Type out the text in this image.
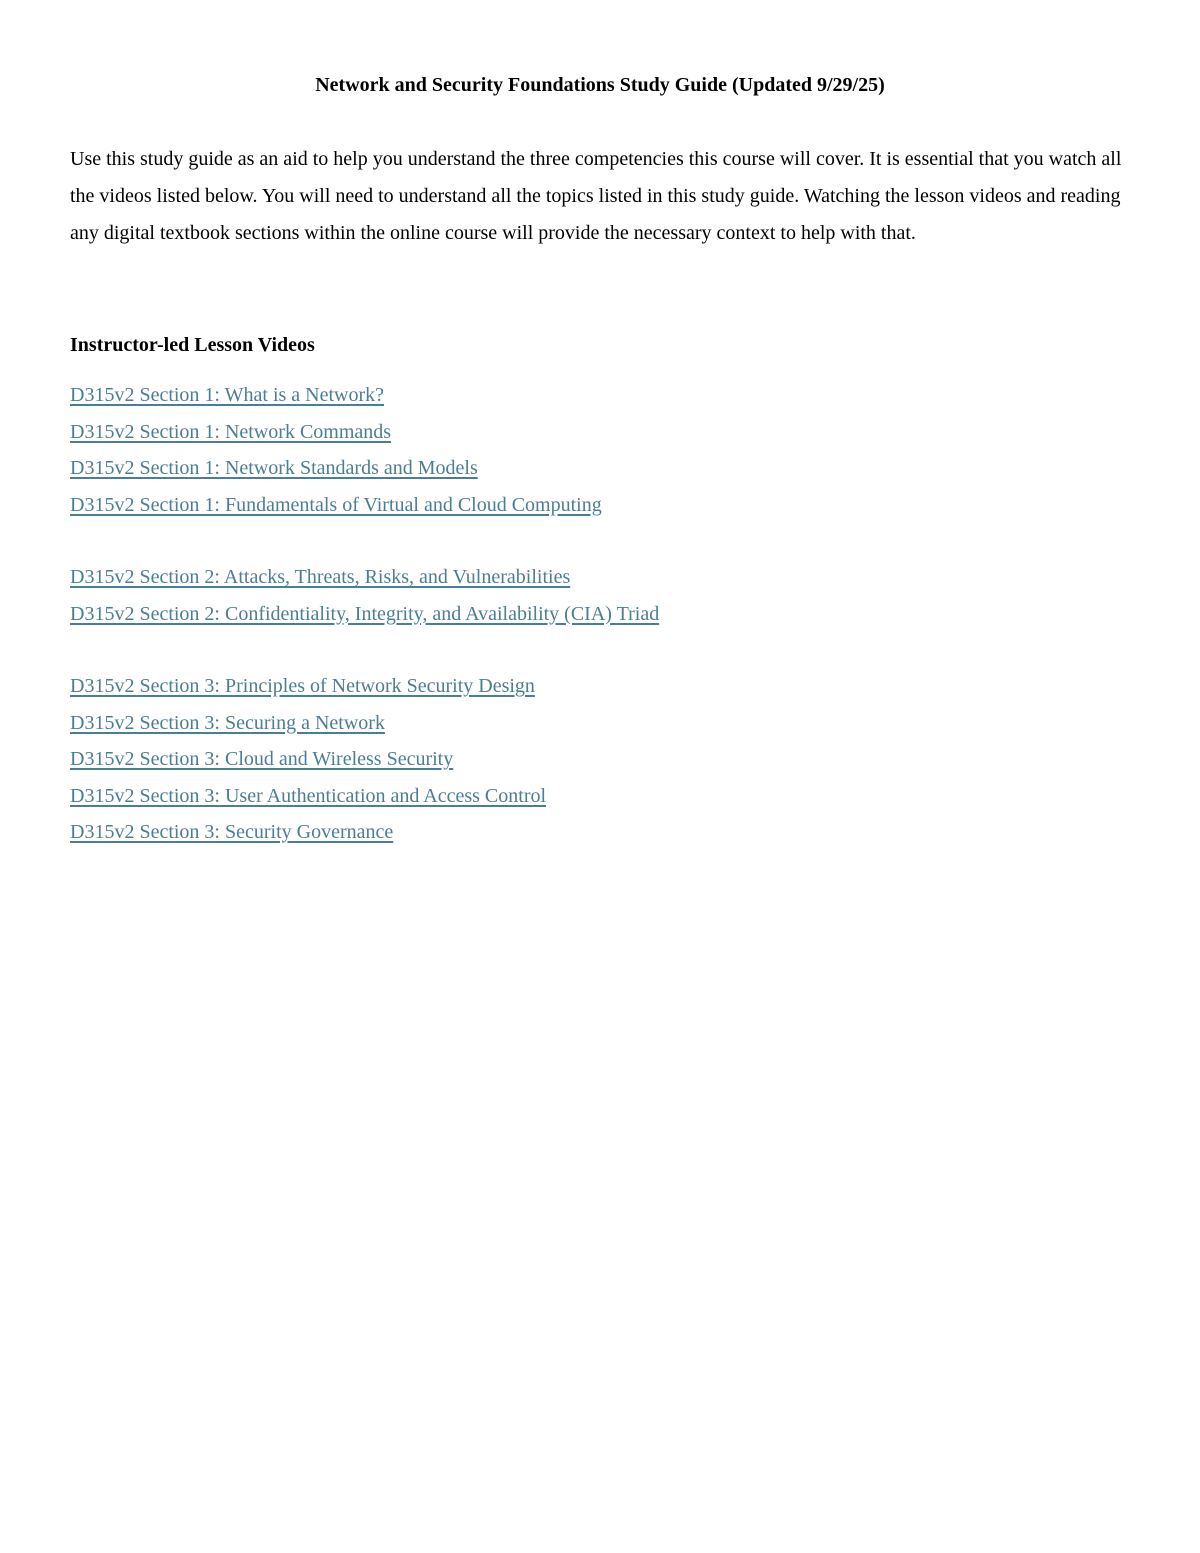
Network and Security Foundations Study Guide (Updated 9/29/25)

Use this study guide as an aid to help you understand the three competencies this course will cover. It is essential that you watch all the videos listed below. You will need to understand all the topics listed in this study guide. Watching the lesson videos and reading any digital textbook sections within the online course will provide the necessary context to help with that.

Instructor-led Lesson Videos

D315v2 Section 1: What is a Network?
D315v2 Section 1: Network Commands
D315v2 Section 1: Network Standards and Models
D315v2 Section 1: Fundamentals of Virtual and Cloud Computing
D315v2 Section 2: Attacks, Threats, Risks, and Vulnerabilities
D315v2 Section 2: Confidentiality, Integrity, and Availability (CIA) Triad
D315v2 Section 3: Principles of Network Security Design
D315v2 Section 3: Securing a Network
D315v2 Section 3: Cloud and Wireless Security
D315v2 Section 3: User Authentication and Access Control
D315v2 Section 3: Security Governance
